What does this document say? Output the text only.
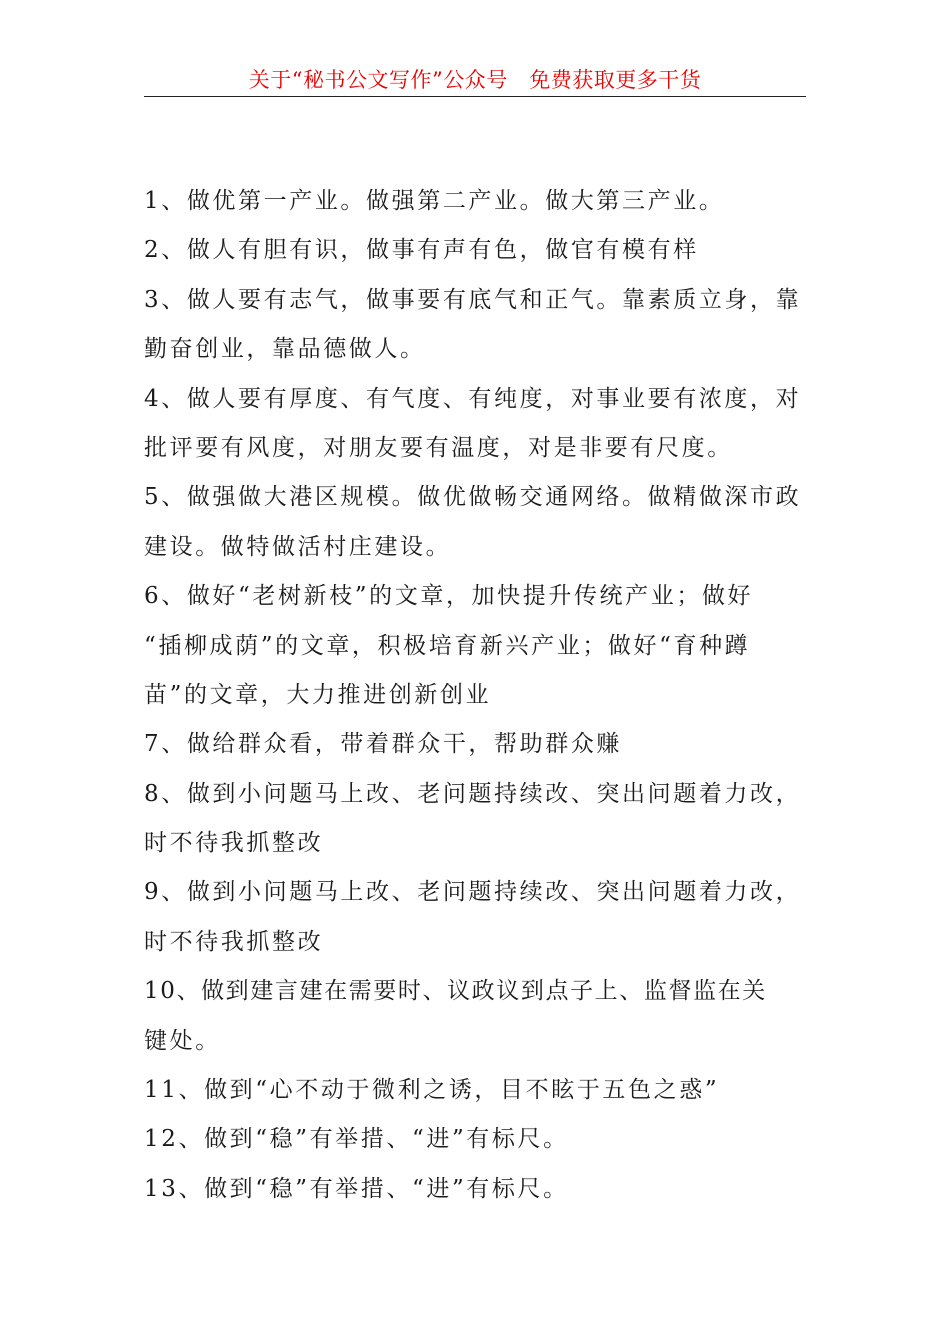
关于“秘书公文写作”公众号   免费获取更多干货
1、做优第一产业。做强第二产业。做大第三产业。
2、做人有胆有识，做事有声有色，做官有模有样
3、做人要有志气，做事要有底气和正气。靠素质立身，靠
勤奋创业，靠品德做人。
4、做人要有厚度、有气度、有纯度，对事业要有浓度，对
批评要有风度，对朋友要有温度，对是非要有尺度。
5、做强做大港区规模。做优做畅交通网络。做精做深市政
建设。做特做活村庄建设。
6、做好“老树新枝”的文章，加快提升传统产业；做好
“插柳成荫”的文章，积极培育新兴产业；做好“育种蹲
苗”的文章，大力推进创新创业
7、做给群众看，带着群众干，帮助群众赚
8、做到小问题马上改、老问题持续改、突出问题着力改，
时不待我抓整改
9、做到小问题马上改、老问题持续改、突出问题着力改，
时不待我抓整改
10、做到建言建在需要时、议政议到点子上、监督监在关
键处。
11、做到“心不动于微利之诱，目不眩于五色之惑”
12、做到“稳”有举措、“进”有标尺。
13、做到“稳”有举措、“进”有标尺。
